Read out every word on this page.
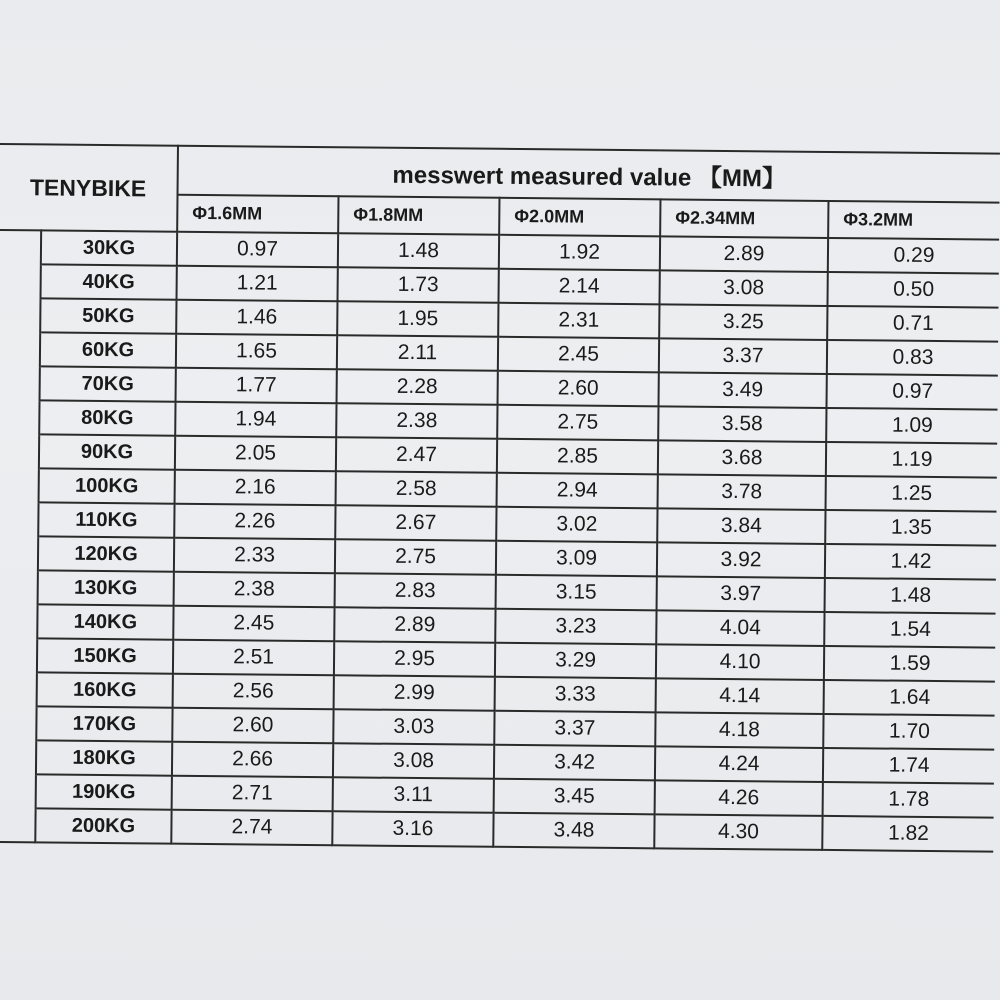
TENYBIKE		messwert measured value 【MM】				
		Φ1.6MM	Φ1.8MM	Φ2.0MM	Φ2.34MM	Φ3.2MM
	30KG	0.97	1.48	1.92	2.89	0.29
	40KG	1.21	1.73	2.14	3.08	0.50
	50KG	1.46	1.95	2.31	3.25	0.71
	60KG	1.65	2.11	2.45	3.37	0.83
	70KG	1.77	2.28	2.60	3.49	0.97
	80KG	1.94	2.38	2.75	3.58	1.09
	90KG	2.05	2.47	2.85	3.68	1.19
	100KG	2.16	2.58	2.94	3.78	1.25
	110KG	2.26	2.67	3.02	3.84	1.35
	120KG	2.33	2.75	3.09	3.92	1.42
	130KG	2.38	2.83	3.15	3.97	1.48
	140KG	2.45	2.89	3.23	4.04	1.54
	150KG	2.51	2.95	3.29	4.10	1.59
	160KG	2.56	2.99	3.33	4.14	1.64
	170KG	2.60	3.03	3.37	4.18	1.70
	180KG	2.66	3.08	3.42	4.24	1.74
	190KG	2.71	3.11	3.45	4.26	1.78
	200KG	2.74	3.16	3.48	4.30	1.82
